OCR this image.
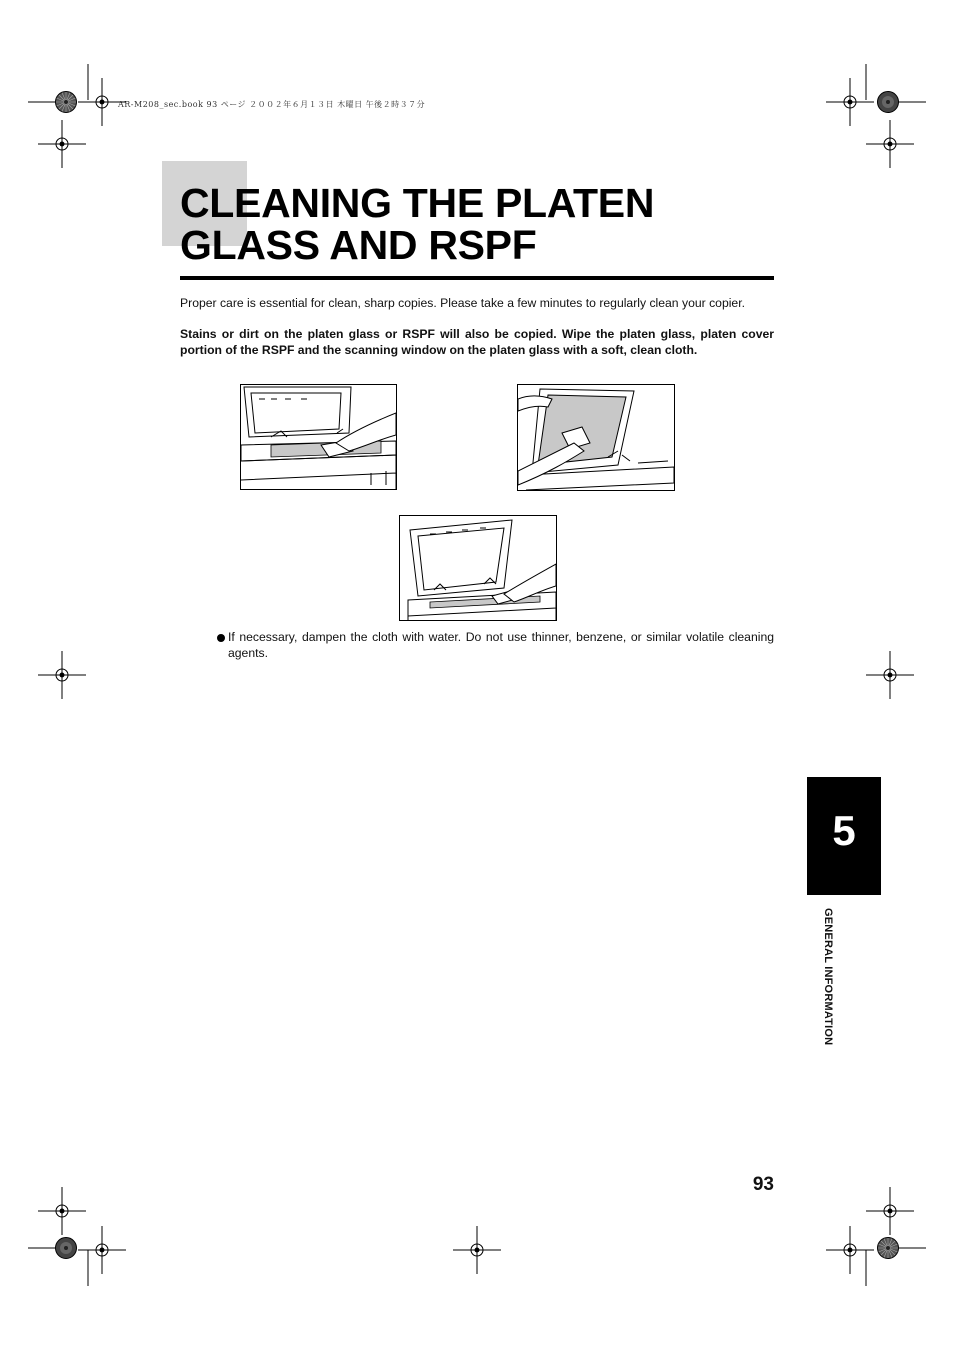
AR-M208_sec.book 93 ページ ２００２年６月１３日 木曜日 午後２時３７分
CLEANING THE PLATEN
GLASS AND RSPF

Proper care is essential for clean, sharp copies. Please take a few minutes to regularly clean your copier.

Stains or dirt on the platen glass or RSPF will also be copied. Wipe the platen glass, platen cover portion of the RSPF and the scanning window on the platen glass with a soft, clean cloth.

If necessary, dampen the cloth with water. Do not use thinner, benzene, or similar volatile cleaning agents.
5
GENERAL INFORMATION
93
